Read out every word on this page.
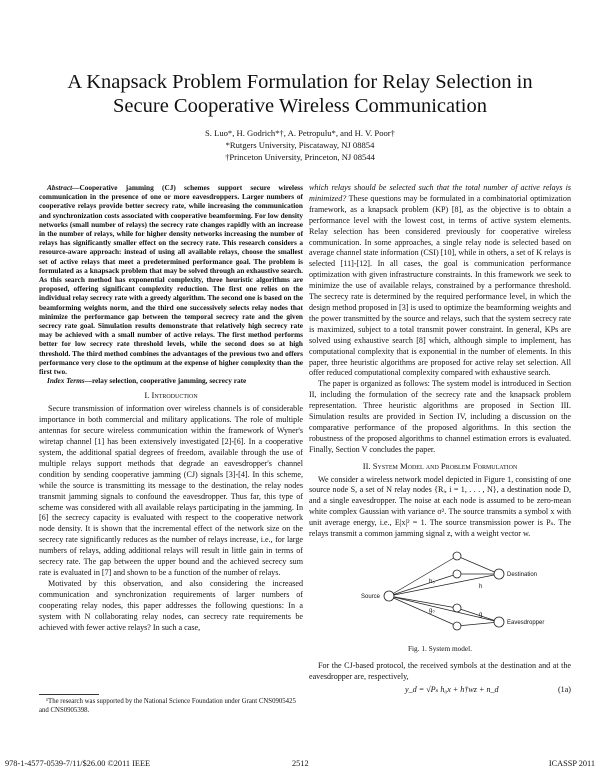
A Knapsack Problem Formulation for Relay Selection in
Secure Cooperative Wireless Communication
S. Luo*, H. Godrich*†, A. Petropulu*, and H. V. Poor†
*Rutgers University, Piscataway, NJ 08854
†Princeton University, Princeton, NJ 08544

Abstract—Cooperative jamming (CJ) schemes support secure wireless communication in the presence of one or more eavesdroppers. Larger numbers of cooperative relays provide better secrecy rate, while increasing the communication and synchronization costs associated with cooperative beamforming. For low density networks (small number of relays) the secrecy rate changes rapidly with an increase in the number of relays, while for higher density networks increasing the number of relays has significantly smaller effect on the secrecy rate. This research considers a resource-aware approach: instead of using all available relays, choose the smallest set of active relays that meet a predetermined performance goal. The problem is formulated as a knapsack problem that may be solved through an exhaustive search. As this search method has exponential complexity, three heuristic algorithms are proposed, offering significant complexity reduction. The first one relies on the individual relay secrecy rate with a greedy algorithm. The second one is based on the beamforming weights norm, and the third one successively selects relay nodes that minimize the performance gap between the temporal secrecy rate and the given secrecy rate goal. Simulation results demonstrate that relatively high secrecy rate may be achieved with a small number of active relays. The first method performs better for low secrecy rate threshold levels, while the second does so at high threshold. The third method combines the advantages of the previous two and offers performance very close to the optimum at the expense of higher complexity than the first two.

Index Terms—relay selection, cooperative jamming, secrecy rate

I. Introduction

Secure transmission of information over wireless channels is of considerable importance in both commercial and military applications. The role of multiple antennas for secure wireless communication within the framework of Wyner's wiretap channel [1] has been extensively investigated [2]-[6]. In a cooperative system, the additional spatial degrees of freedom, available through the use of multiple relays support methods that degrade an eavesdropper's channel condition by sending cooperative jamming (CJ) signals [3]-[4]. In this scheme, while the source is transmitting its message to the destination, the relay nodes transmit jamming signals to confound the eavesdropper. Thus far, this type of scheme was considered with all available relays participating in the jamming. In [6] the secrecy capacity is evaluated with respect to the cooperative network node density. It is shown that the incremental effect of the network size on the secrecy rate significantly reduces as the number of relays increase, i.e., for large numbers of relays, adding additional relays will result in little gain in terms of secrecy rate. The gap between the upper bound and the achieved secrecy sum rate is evaluated in [7] and shown to be a function of the number of relays.

Motivated by this observation, and also considering the increased communication and synchronization requirements of larger numbers of cooperating relay nodes, this paper addresses the following questions: In a system with N collaborating relay nodes, can secrecy rate requirements be achieved with fewer active relays? In such a case,

¹The research was supported by the National Science Foundation under Grant CNS0905425 and CNS0905398.

which relays should be selected such that the total number of active relays is minimized? These questions may be formulated in a combinatorial optimization framework, as a knapsack problem (KP) [8], as the objective is to obtain a performance level with the lowest cost, in terms of active system elements. Relay selection has been considered previously for cooperative wireless communication. In some approaches, a single relay node is selected based on average channel state information (CSI) [10], while in others, a set of K relays is selected [11]-[12]. In all cases, the goal is communication performance optimization with given infrastructure constraints. In this framework we seek to minimize the use of available relays, constrained by a performance threshold. The secrecy rate is determined by the required performance level, in which the design method proposed in [3] is used to optimize the beamforming weights and the power transmitted by the source and relays, such that the system secrecy rate is maximized, subject to a total transmit power constraint. In general, KPs are solved using exhaustive search [8] which, although simple to implement, has computational complexity that is exponential in the number of elements. In this paper, three heuristic algorithms are proposed for active relay set selection. All offer reduced computational complexity compared with exhaustive search.

The paper is organized as follows: The system model is introduced in Section II, including the formulation of the secrecy rate and the knapsack problem representation. Three heuristic algorithms are proposed in Section III. Simulation results are provided in Section IV, including a discussion on the comparative performance of the proposed algorithms. In this section the robustness of the proposed algorithms to channel estimation errors is evaluated. Finally, Section V concludes the paper.

II. System Model and Problem Formulation

We consider a wireless network model depicted in Figure 1, consisting of one source node S, a set of N relay nodes {Rᵢ, i = 1, . . . , N}, a destination node D, and a single eavesdropper. The noise at each node is assumed to be zero-mean white complex Gaussian with variance σ². The source transmits a symbol x with unit average energy, i.e., E|x|² = 1. The source transmission power is Pₛ. The relays transmit a common jamming signal z, with a weight vector w.

Source
Destination
Eavesdropper
h₀
g₀
h
g
Fig. 1. System model.

For the CJ-based protocol, the received symbols at the destination and at the eavesdropper are, respectively,

y_d = √Pₛ h₀x + h†wz + n_d	(1a)
978-1-4577-0539-7/11/$26.00 ©2011 IEEE	2512	ICASSP 2011
